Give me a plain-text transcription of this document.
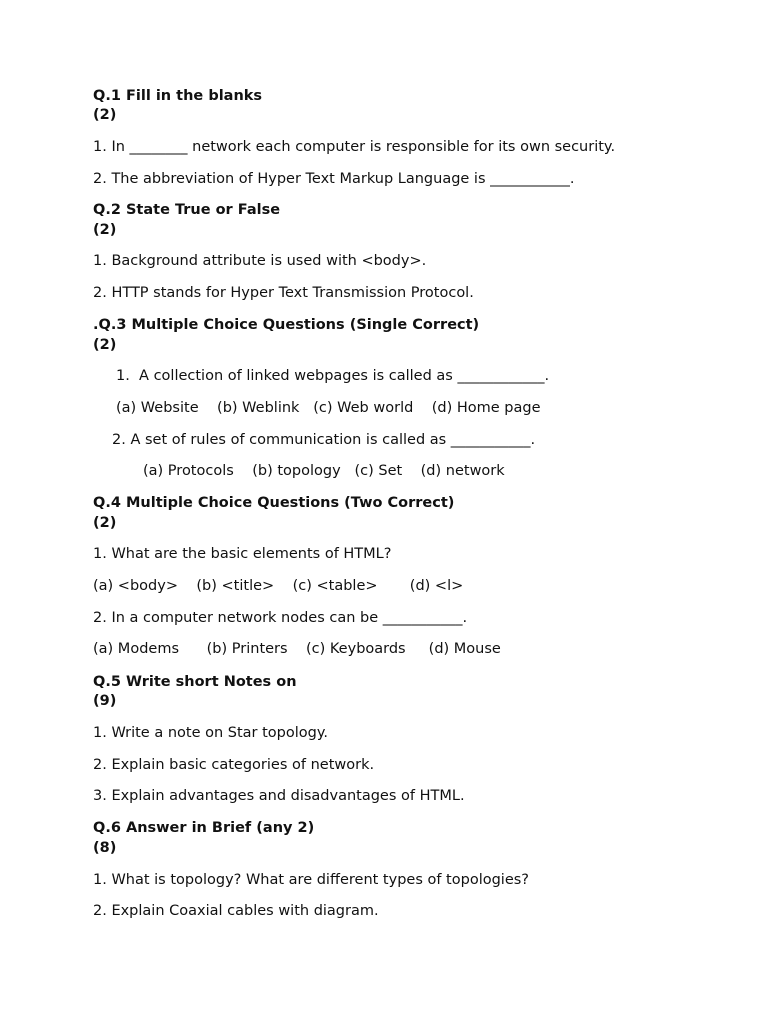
Q.1 Fill in the blanks
(2)
1. In ________ network each computer is responsible for its own security.
2. The abbreviation of Hyper Text Markup Language is ___________.
Q.2 State True or False
(2)
1. Background attribute is used with <body>.
2. HTTP stands for Hyper Text Transmission Protocol.
.Q.3 Multiple Choice Questions (Single Correct)
(2)
1.  A collection of linked webpages is called as ____________.
(a) Website    (b) Weblink   (c) Web world    (d) Home page
2. A set of rules of communication is called as ___________.
(a) Protocols    (b) topology   (c) Set    (d) network
Q.4 Multiple Choice Questions (Two Correct)
(2)
1. What are the basic elements of HTML?
(a) <body>    (b) <title>    (c) <table>       (d) <l>
2. In a computer network nodes can be ___________.
(a) Modems      (b) Printers    (c) Keyboards     (d) Mouse
Q.5 Write short Notes on
(9)
1. Write a note on Star topology.
2. Explain basic categories of network.
3. Explain advantages and disadvantages of HTML.
Q.6 Answer in Brief (any 2)
(8)
1. What is topology? What are different types of topologies?
2. Explain Coaxial cables with diagram.
